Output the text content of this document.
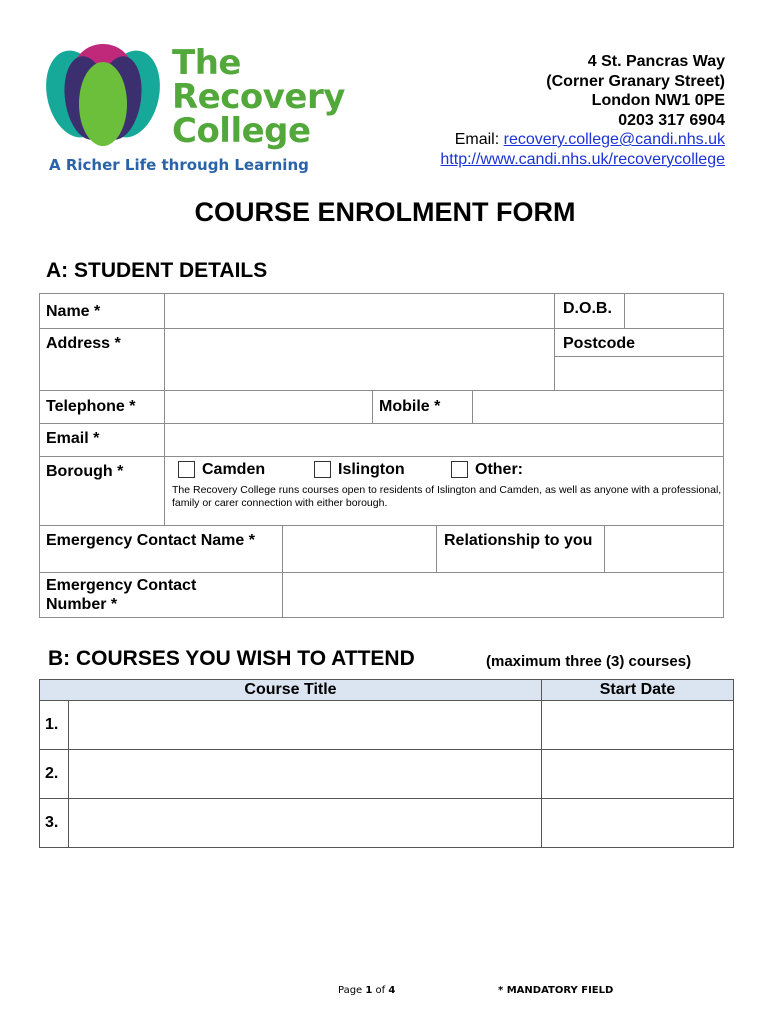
The
Recovery
College
A Richer Life through Learning
4 St. Pancras Way
(Corner Granary Street)
London NW1 0PE
0203 317 6904
Email: recovery.college@candi.nhs.uk
http://www.candi.nhs.uk/recoverycollege
COURSE ENROLMENT FORM
A: STUDENT DETAILS
Name *	D.O.B.
Address *	Postcode
Telephone *	Mobile *
Email *
Borough *	Camden	Islington	Other:
The Recovery College runs courses open to residents of Islington and Camden, as well as anyone with a professional, family or carer connection with either borough.
Emergency Contact Name *	Relationship to you
Emergency Contact Number *
B: COURSES YOU WISH TO ATTEND	(maximum three (3) courses)
Course Title	Start Date
1.
2.
3.
Page 1 of 4	* MANDATORY FIELD
